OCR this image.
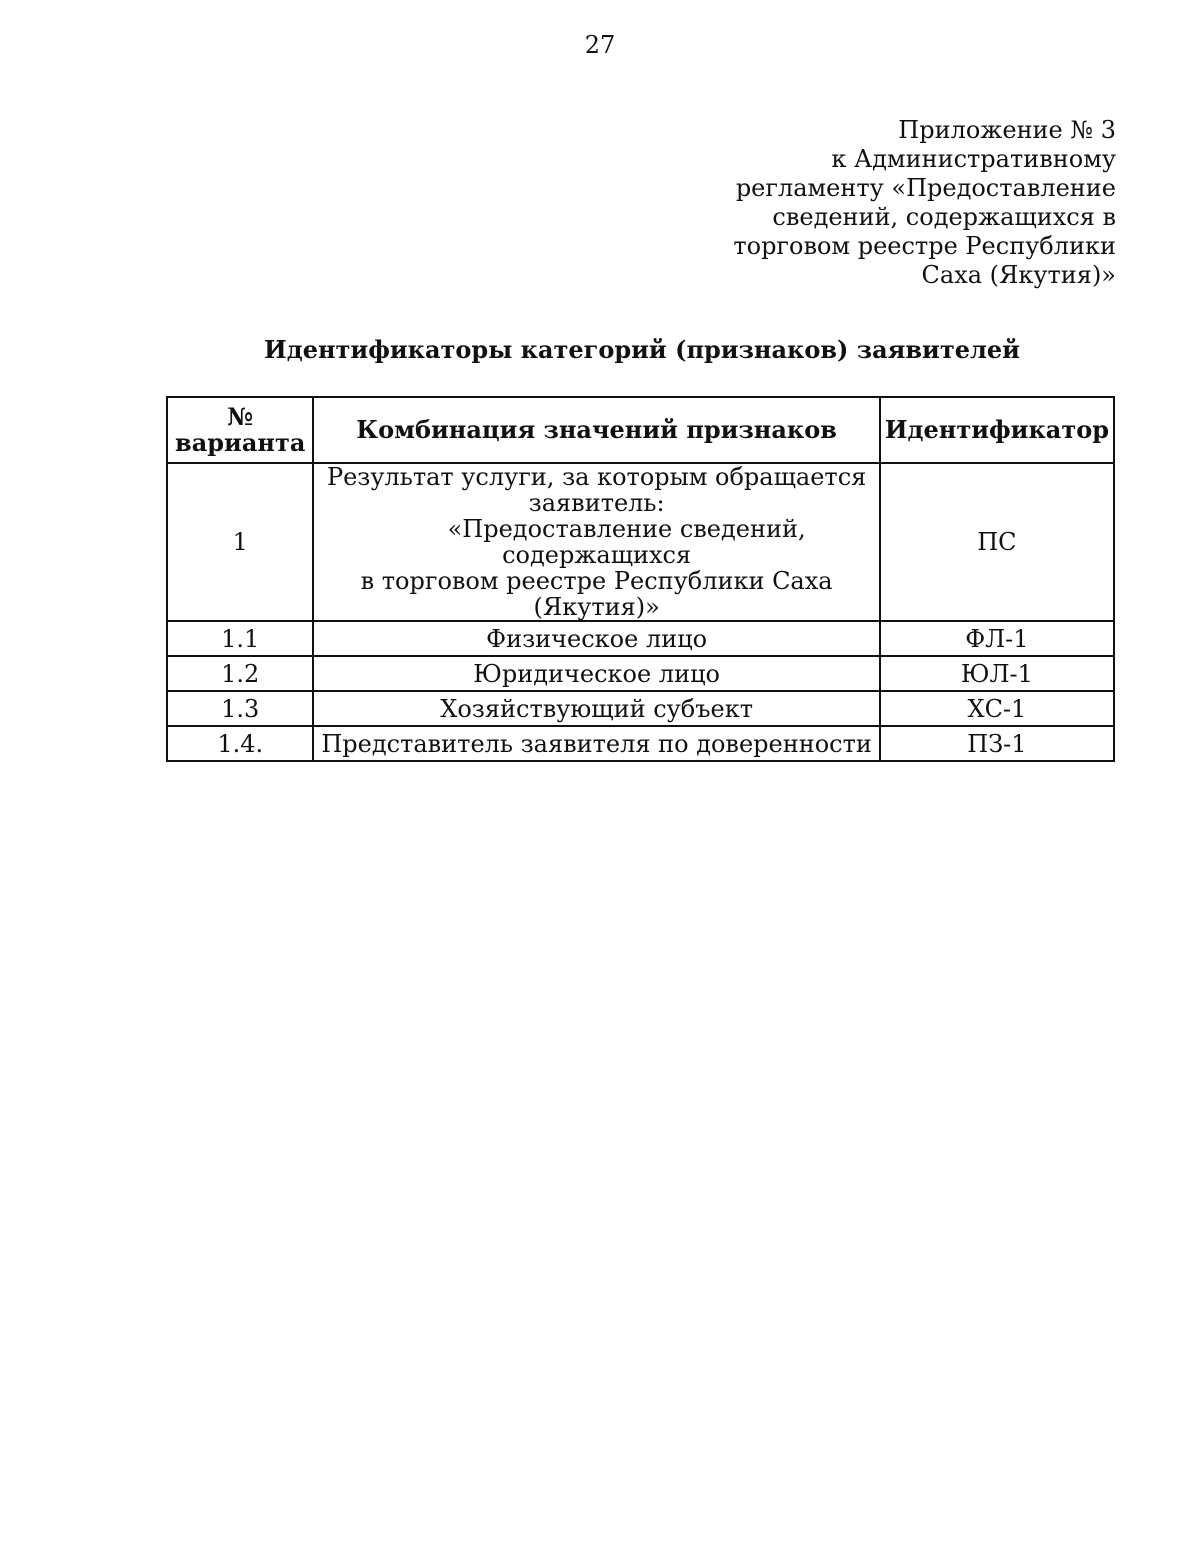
27
Приложение № 3
к Административному
регламенту «Предоставление
сведений, содержащихся в
торговом реестре Республики
Саха (Якутия)»
Идентификаторы категорий (признаков) заявителей
№
варианта	Комбинация значений признаков	Идентификатор
1	Результат услуги, за которым обращается
заявитель:
«Предоставление сведений, содержащихся
в торговом реестре Республики Саха (Якутия)»	ПС
1.1	Физическое лицо	ФЛ-1
1.2	Юридическое лицо	ЮЛ-1
1.3	Хозяйствующий субъект	ХС-1
1.4.	Представитель заявителя по доверенности	ПЗ-1
